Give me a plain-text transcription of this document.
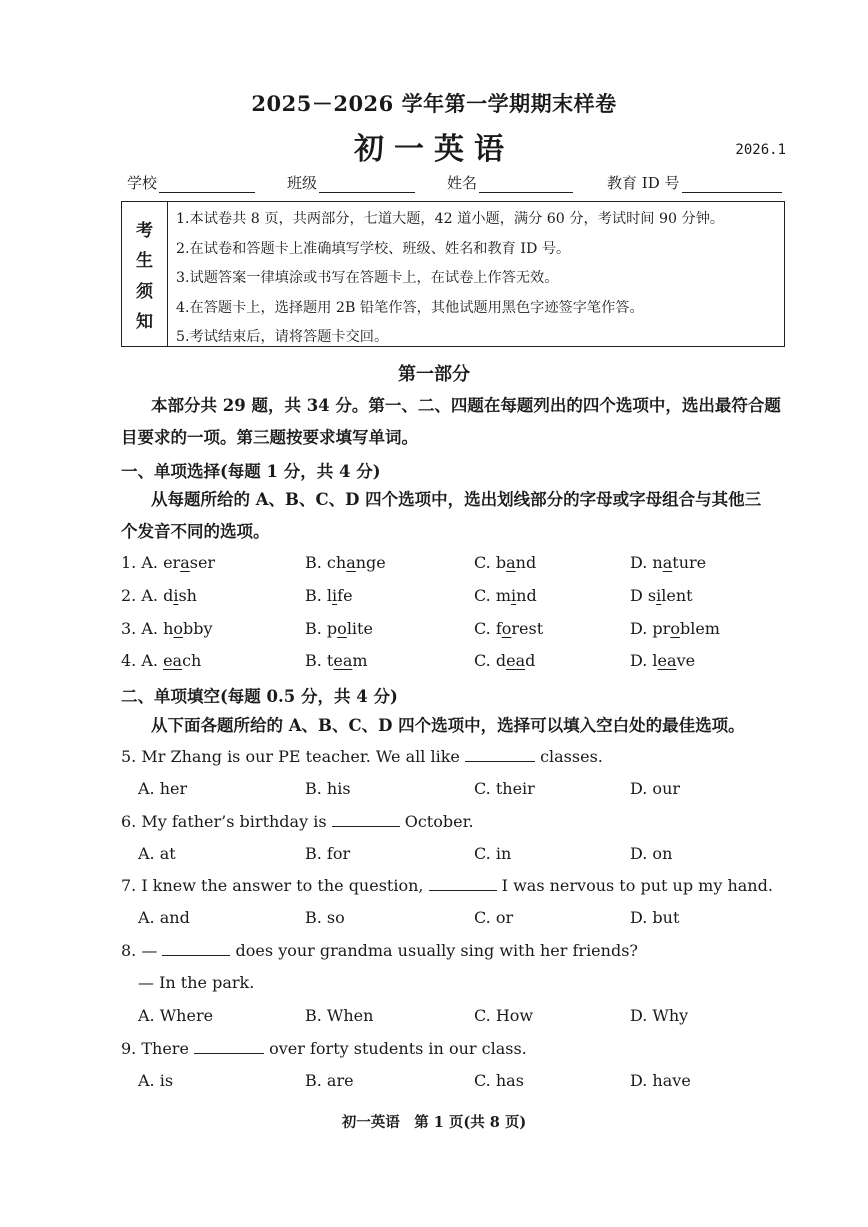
2025－2026 学年第一学期期末样卷
初一英语	2026.1
学校	班级	姓名	教育 ID 号
考
生
须
知
1.本试卷共 8 页，共两部分，七道大题，42 道小题，满分 60 分，考试时间 90 分钟。
2.在试卷和答题卡上准确填写学校、班级、姓名和教育 ID 号。
3.试题答案一律填涂或书写在答题卡上，在试卷上作答无效。
4.在答题卡上，选择题用 2B 铅笔作答，其他试题用黑色字迹签字笔作答。
5.考试结束后，请将答题卡交回。
第一部分
本部分共 29 题，共 34 分。第一、二、四题在每题列出的四个选项中，选出最符合题
目要求的一项。第三题按要求填写单词。
一、单项选择(每题 1 分，共 4 分)
从每题所给的 A、B、C、D 四个选项中，选出划线部分的字母或字母组合与其他三
个发音不同的选项。
1. A. eraser	B. change	C. band	D. nature
2. A. dish	B. life	C. mind	D silent
3. A. hobby	B. polite	C. forest	D. problem
4. A. each	B. team	C. dead	D. leave
二、单项填空(每题 0.5 分，共 4 分)
从下面各题所给的 A、B、C、D 四个选项中，选择可以填入空白处的最佳选项。
5. Mr Zhang is our PE teacher. We all like	classes.
A. her	B. his	C. their	D. our
6. My father’s birthday is	October.
A. at	B. for	C. in	D. on
7. I knew the answer to the question,	I was nervous to put up my hand.
A. and	B. so	C. or	D. but
8. —	does your grandma usually sing with her friends?
— In the park.
A. Where	B. When	C. How	D. Why
9. There	over forty students in our class.
A. is	B. are	C. has	D. have
初一英语　第 1 页(共 8 页)
